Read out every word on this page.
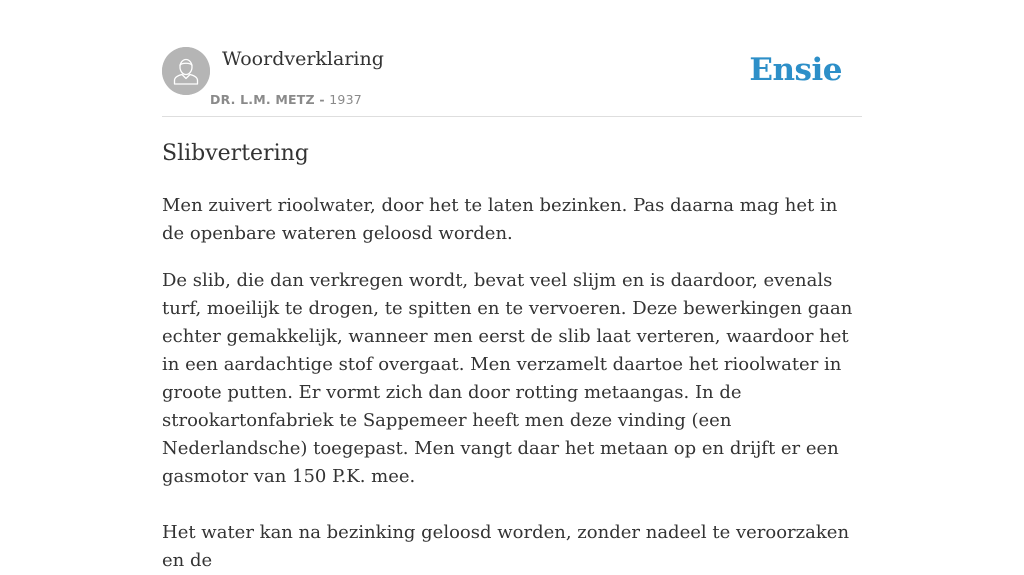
Woordverklaring
DR. L.M. METZ - 1937
Ensie
Slibvertering

Men zuivert rioolwater, door het te laten bezinken. Pas daarna mag het in de openbare wateren geloosd worden.

De slib, die dan verkregen wordt, bevat veel slijm en is daardoor, evenals turf, moeilijk te drogen, te spitten en te vervoeren. Deze bewerkingen gaan echter gemakkelijk, wanneer men eerst de slib laat verteren, waardoor het in een aardachtige stof overgaat. Men verzamelt daartoe het rioolwater in groote putten. Er vormt zich dan door rotting metaangas. In de strookartonfabriek te Sappemeer heeft men deze vinding (een Nederlandsche) toegepast. Men vangt daar het metaan op en drijft er een gasmotor van 150 P.K. mee.

Het water kan na bezinking geloosd worden, zonder nadeel te veroorzaken en de
